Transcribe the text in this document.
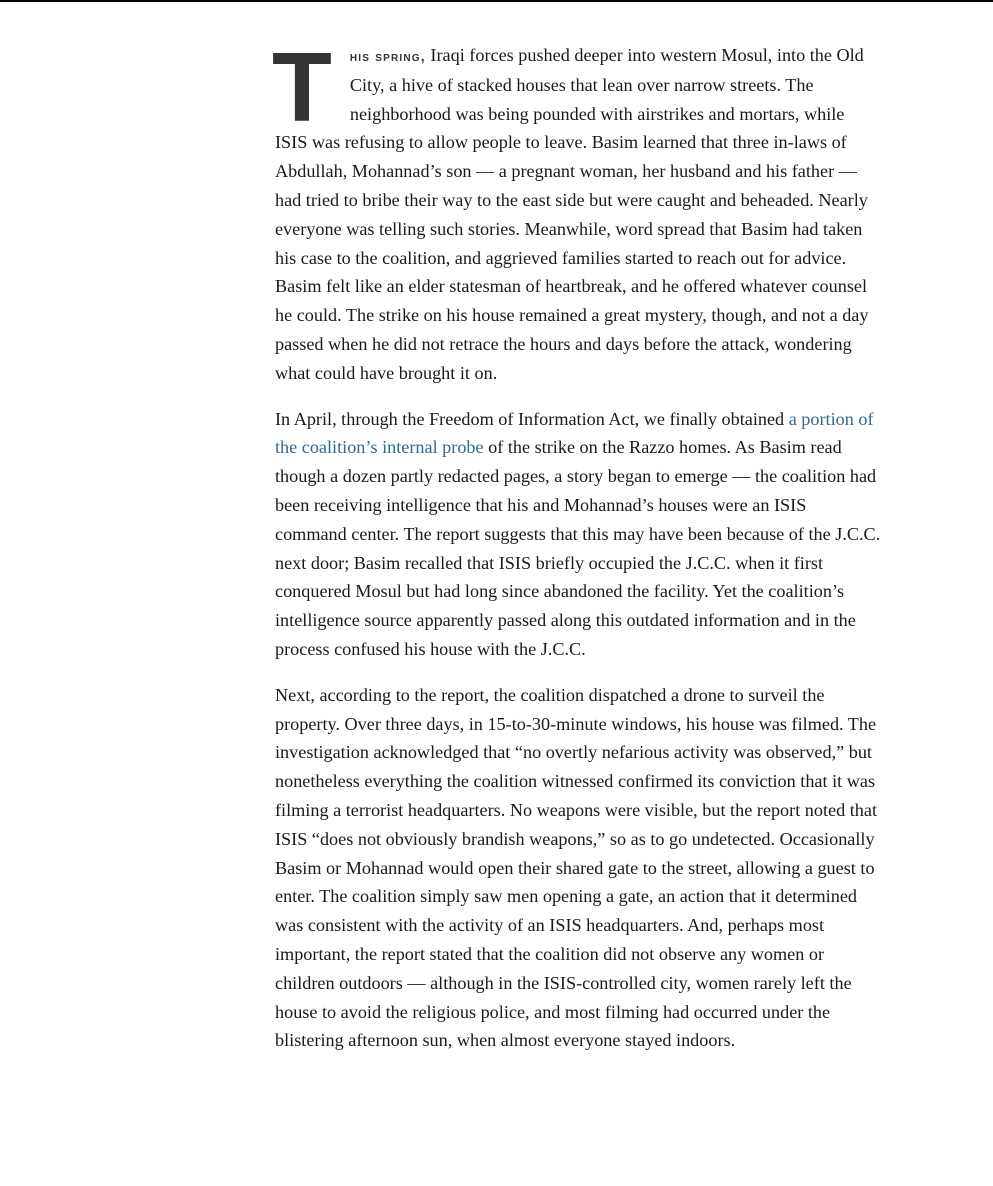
T his spring, Iraqi forces pushed deeper into western Mosul, into the Old City, a hive of stacked houses that lean over narrow streets. The neighborhood was being pounded with airstrikes and mortars, while ISIS was refusing to allow people to leave. Basim learned that three in-laws of Abdullah, Mohannad’s son — a pregnant woman, her husband and his father — had tried to bribe their way to the east side but were caught and beheaded. Nearly everyone was telling such stories. Meanwhile, word spread that Basim had taken his case to the coalition, and aggrieved families started to reach out for advice. Basim felt like an elder statesman of heartbreak, and he offered whatever counsel he could. The strike on his house remained a great mystery, though, and not a day passed when he did not retrace the hours and days before the attack, wondering what could have brought it on.

In April, through the Freedom of Information Act, we finally obtained a portion of the coalition’s internal probe of the strike on the Razzo homes. As Basim read though a dozen partly redacted pages, a story began to emerge — the coalition had been receiving intelligence that his and Mohannad’s houses were an ISIS command center. The report suggests that this may have been because of the J.C.C. next door; Basim recalled that ISIS briefly occupied the J.C.C. when it first conquered Mosul but had long since abandoned the facility. Yet the coalition’s intelligence source apparently passed along this outdated information and in the process confused his house with the J.C.C.

Next, according to the report, the coalition dispatched a drone to surveil the property. Over three days, in 15-to-30-minute windows, his house was filmed. The investigation acknowledged that “no overtly nefarious activity was observed,” but nonetheless everything the coalition witnessed confirmed its conviction that it was filming a terrorist headquarters. No weapons were visible, but the report noted that ISIS “does not obviously brandish weapons,” so as to go undetected. Occasionally Basim or Mohannad would open their shared gate to the street, allowing a guest to enter. The coalition simply saw men opening a gate, an action that it determined was consistent with the activity of an ISIS headquarters. And, perhaps most important, the report stated that the coalition did not observe any women or children outdoors — although in the ISIS-controlled city, women rarely left the house to avoid the religious police, and most filming had occurred under the blistering afternoon sun, when almost everyone stayed indoors.
